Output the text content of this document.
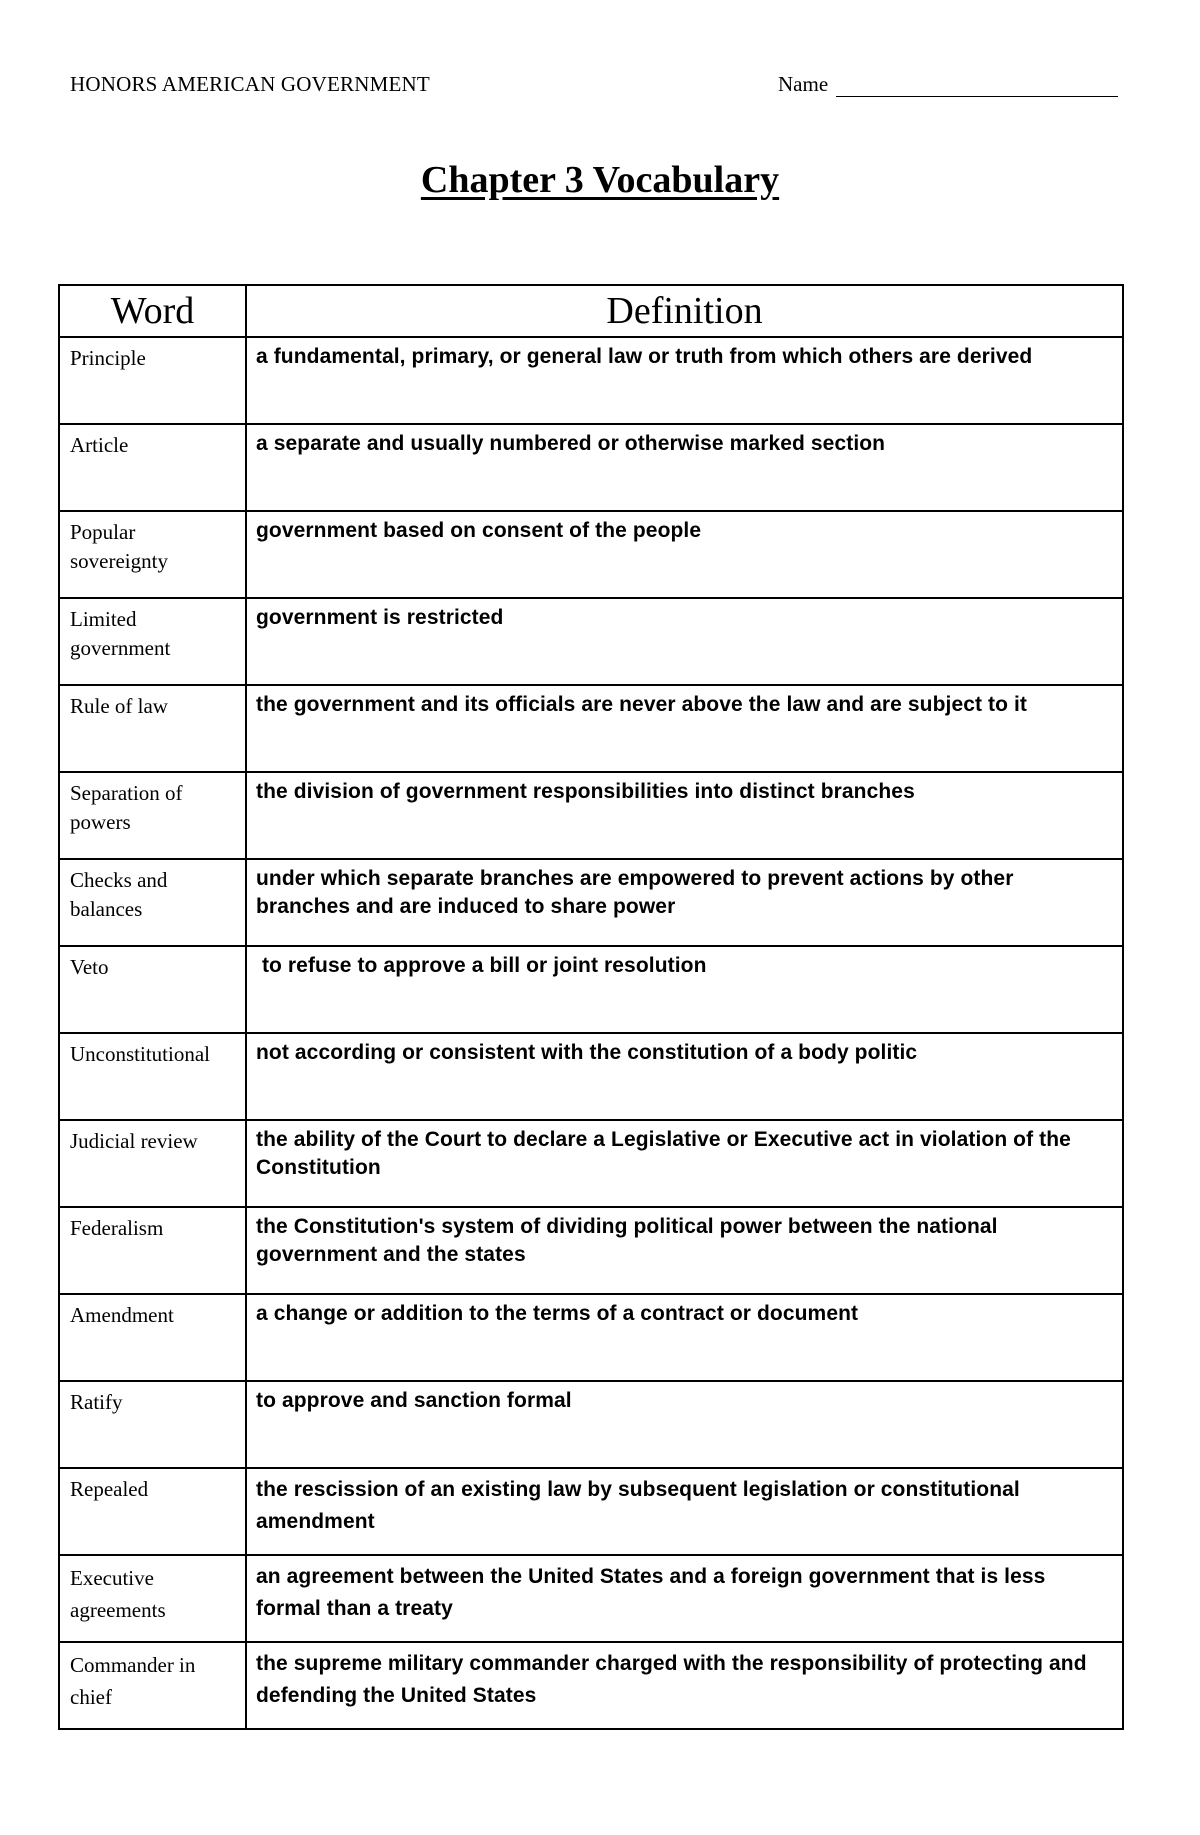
HONORS AMERICAN GOVERNMENT	Name
Chapter 3 Vocabulary
Word	Definition
Principle	a fundamental, primary, or general law or truth from which others are derived
Article	a separate and usually numbered or otherwise marked section
Popular sovereignty	government based on consent of the people
Limited government	government is restricted
Rule of law	the government and its officials are never above the law and are subject to it
Separation of powers	the division of government responsibilities into distinct branches
Checks and balances	under which separate branches are empowered to prevent actions by other branches and are induced to share power
Veto	to refuse to approve a bill or joint resolution
Unconstitutional	not according or consistent with the constitution of a body politic
Judicial review	the ability of the Court to declare a Legislative or Executive act in violation of the Constitution
Federalism	the Constitution's system of dividing political power between the national government and the states
Amendment	a change or addition to the terms of a contract or document
Ratify	to approve and sanction formal
Repealed	the rescission of an existing law by subsequent legislation or constitutional amendment
Executive agreements	an agreement between the United States and a foreign government that is less formal than a treaty
Commander in chief	the supreme military commander charged with the responsibility of protecting and defending the United States
